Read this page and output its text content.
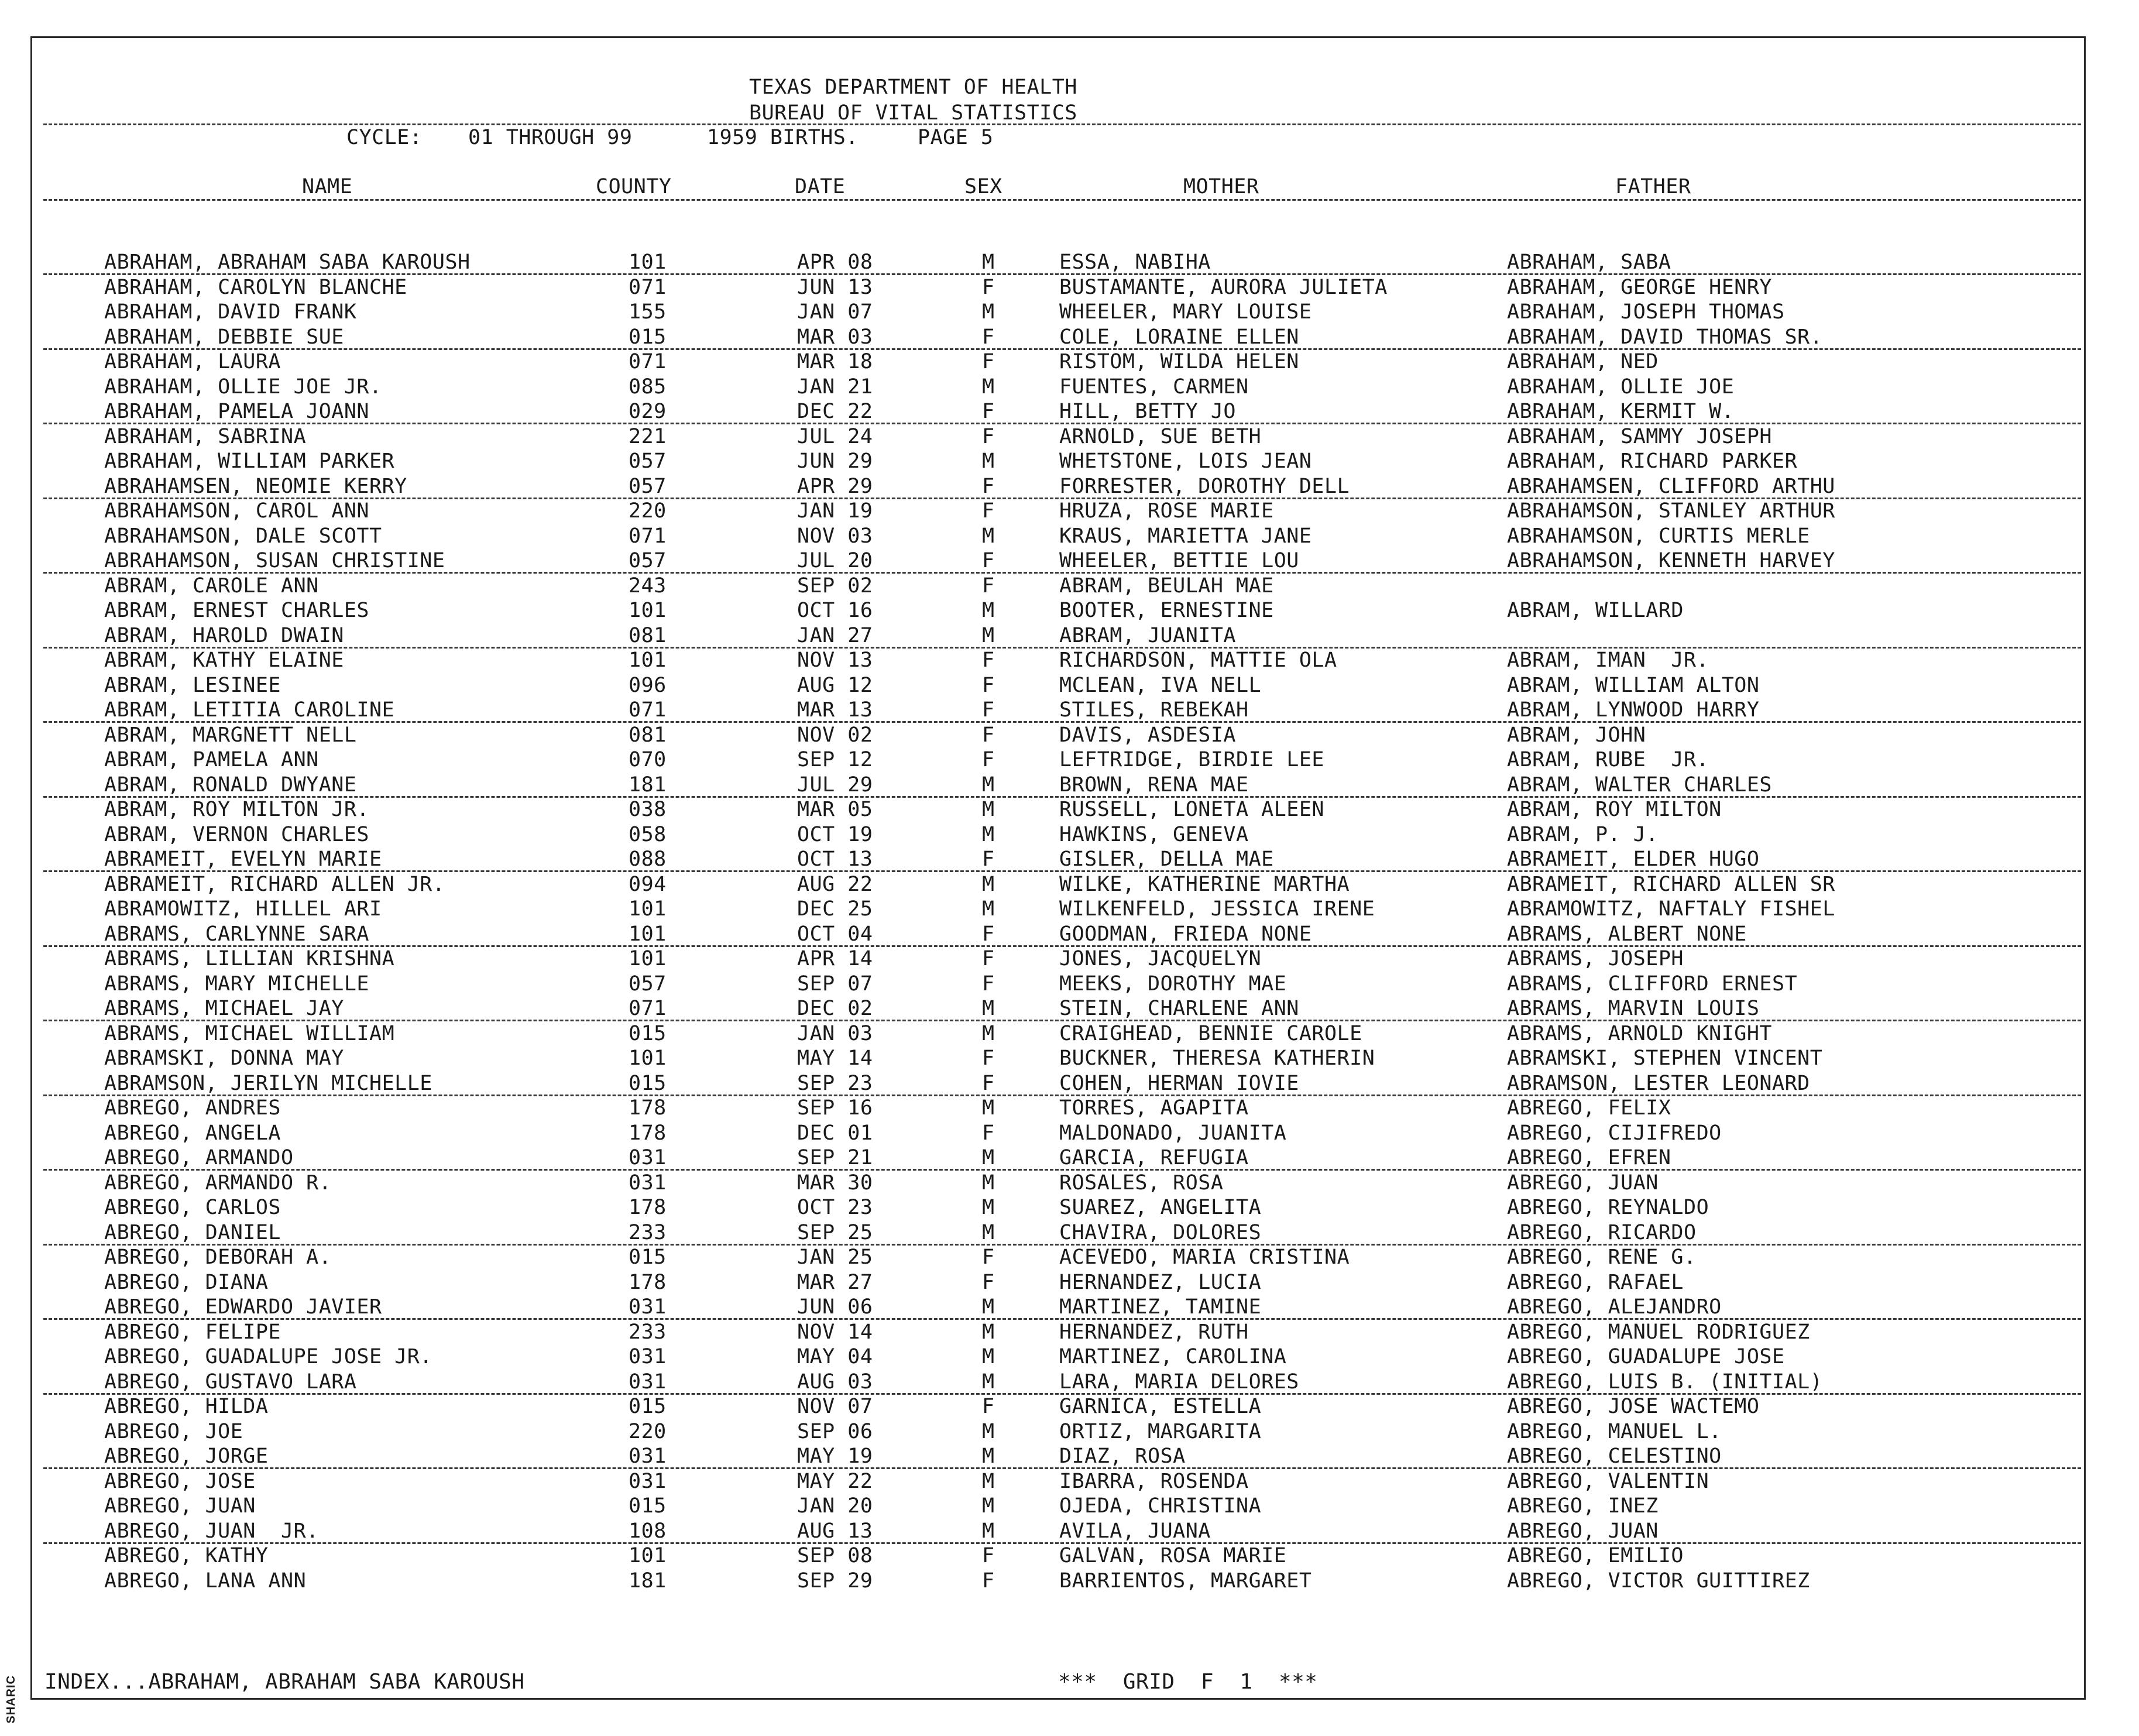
SHARIC
TEXAS DEPARTMENT OF HEALTH
BUREAU OF VITAL STATISTICS
CYCLE: 01 THROUGH 99	1959 BIRTHS.	PAGE 5
NAME	COUNTY	DATE	SEX	MOTHER	FATHER
ABRAHAM, ABRAHAM SABA KAROUSH	101	APR 08	M	ESSA, NABIHA	ABRAHAM, SABA
ABRAHAM, CAROLYN BLANCHE	071	JUN 13	F	BUSTAMANTE, AURORA JULIETA	ABRAHAM, GEORGE HENRY
ABRAHAM, DAVID FRANK	155	JAN 07	M	WHEELER, MARY LOUISE	ABRAHAM, JOSEPH THOMAS
ABRAHAM, DEBBIE SUE	015	MAR 03	F	COLE, LORAINE ELLEN	ABRAHAM, DAVID THOMAS SR.
ABRAHAM, LAURA	071	MAR 18	F	RISTOM, WILDA HELEN	ABRAHAM, NED
ABRAHAM, OLLIE JOE JR.	085	JAN 21	M	FUENTES, CARMEN	ABRAHAM, OLLIE JOE
ABRAHAM, PAMELA JOANN	029	DEC 22	F	HILL, BETTY JO	ABRAHAM, KERMIT W.
ABRAHAM, SABRINA	221	JUL 24	F	ARNOLD, SUE BETH	ABRAHAM, SAMMY JOSEPH
ABRAHAM, WILLIAM PARKER	057	JUN 29	M	WHETSTONE, LOIS JEAN	ABRAHAM, RICHARD PARKER
ABRAHAMSEN, NEOMIE KERRY	057	APR 29	F	FORRESTER, DOROTHY DELL	ABRAHAMSEN, CLIFFORD ARTHU
ABRAHAMSON, CAROL ANN	220	JAN 19	F	HRUZA, ROSE MARIE	ABRAHAMSON, STANLEY ARTHUR
ABRAHAMSON, DALE SCOTT	071	NOV 03	M	KRAUS, MARIETTA JANE	ABRAHAMSON, CURTIS MERLE
ABRAHAMSON, SUSAN CHRISTINE	057	JUL 20	F	WHEELER, BETTIE LOU	ABRAHAMSON, KENNETH HARVEY
ABRAM, CAROLE ANN	243	SEP 02	F	ABRAM, BEULAH MAE
ABRAM, ERNEST CHARLES	101	OCT 16	M	BOOTER, ERNESTINE	ABRAM, WILLARD
ABRAM, HAROLD DWAIN	081	JAN 27	M	ABRAM, JUANITA
ABRAM, KATHY ELAINE	101	NOV 13	F	RICHARDSON, MATTIE OLA	ABRAM, IMAN  JR.
ABRAM, LESINEE	096	AUG 12	F	MCLEAN, IVA NELL	ABRAM, WILLIAM ALTON
ABRAM, LETITIA CAROLINE	071	MAR 13	F	STILES, REBEKAH	ABRAM, LYNWOOD HARRY
ABRAM, MARGNETT NELL	081	NOV 02	F	DAVIS, ASDESIA	ABRAM, JOHN
ABRAM, PAMELA ANN	070	SEP 12	F	LEFTRIDGE, BIRDIE LEE	ABRAM, RUBE  JR.
ABRAM, RONALD DWYANE	181	JUL 29	M	BROWN, RENA MAE	ABRAM, WALTER CHARLES
ABRAM, ROY MILTON JR.	038	MAR 05	M	RUSSELL, LONETA ALEEN	ABRAM, ROY MILTON
ABRAM, VERNON CHARLES	058	OCT 19	M	HAWKINS, GENEVA	ABRAM, P. J.
ABRAMEIT, EVELYN MARIE	088	OCT 13	F	GISLER, DELLA MAE	ABRAMEIT, ELDER HUGO
ABRAMEIT, RICHARD ALLEN JR.	094	AUG 22	M	WILKE, KATHERINE MARTHA	ABRAMEIT, RICHARD ALLEN SR
ABRAMOWITZ, HILLEL ARI	101	DEC 25	M	WILKENFELD, JESSICA IRENE	ABRAMOWITZ, NAFTALY FISHEL
ABRAMS, CARLYNNE SARA	101	OCT 04	F	GOODMAN, FRIEDA NONE	ABRAMS, ALBERT NONE
ABRAMS, LILLIAN KRISHNA	101	APR 14	F	JONES, JACQUELYN	ABRAMS, JOSEPH
ABRAMS, MARY MICHELLE	057	SEP 07	F	MEEKS, DOROTHY MAE	ABRAMS, CLIFFORD ERNEST
ABRAMS, MICHAEL JAY	071	DEC 02	M	STEIN, CHARLENE ANN	ABRAMS, MARVIN LOUIS
ABRAMS, MICHAEL WILLIAM	015	JAN 03	M	CRAIGHEAD, BENNIE CAROLE	ABRAMS, ARNOLD KNIGHT
ABRAMSKI, DONNA MAY	101	MAY 14	F	BUCKNER, THERESA KATHERIN	ABRAMSKI, STEPHEN VINCENT
ABRAMSON, JERILYN MICHELLE	015	SEP 23	F	COHEN, HERMAN IOVIE	ABRAMSON, LESTER LEONARD
ABREGO, ANDRES	178	SEP 16	M	TORRES, AGAPITA	ABREGO, FELIX
ABREGO, ANGELA	178	DEC 01	F	MALDONADO, JUANITA	ABREGO, CIJIFREDO
ABREGO, ARMANDO	031	SEP 21	M	GARCIA, REFUGIA	ABREGO, EFREN
ABREGO, ARMANDO R.	031	MAR 30	M	ROSALES, ROSA	ABREGO, JUAN
ABREGO, CARLOS	178	OCT 23	M	SUAREZ, ANGELITA	ABREGO, REYNALDO
ABREGO, DANIEL	233	SEP 25	M	CHAVIRA, DOLORES	ABREGO, RICARDO
ABREGO, DEBORAH A.	015	JAN 25	F	ACEVEDO, MARIA CRISTINA	ABREGO, RENE G.
ABREGO, DIANA	178	MAR 27	F	HERNANDEZ, LUCIA	ABREGO, RAFAEL
ABREGO, EDWARDO JAVIER	031	JUN 06	M	MARTINEZ, TAMINE	ABREGO, ALEJANDRO
ABREGO, FELIPE	233	NOV 14	M	HERNANDEZ, RUTH	ABREGO, MANUEL RODRIGUEZ
ABREGO, GUADALUPE JOSE JR.	031	MAY 04	M	MARTINEZ, CAROLINA	ABREGO, GUADALUPE JOSE
ABREGO, GUSTAVO LARA	031	AUG 03	M	LARA, MARIA DELORES	ABREGO, LUIS B. (INITIAL)
ABREGO, HILDA	015	NOV 07	F	GARNICA, ESTELLA	ABREGO, JOSE WACTEMO
ABREGO, JOE	220	SEP 06	M	ORTIZ, MARGARITA	ABREGO, MANUEL L.
ABREGO, JORGE	031	MAY 19	M	DIAZ, ROSA	ABREGO, CELESTINO
ABREGO, JOSE	031	MAY 22	M	IBARRA, ROSENDA	ABREGO, VALENTIN
ABREGO, JUAN	015	JAN 20	M	OJEDA, CHRISTINA	ABREGO, INEZ
ABREGO, JUAN  JR.	108	AUG 13	M	AVILA, JUANA	ABREGO, JUAN
ABREGO, KATHY	101	SEP 08	F	GALVAN, ROSA MARIE	ABREGO, EMILIO
ABREGO, LANA ANN	181	SEP 29	F	BARRIENTOS, MARGARET	ABREGO, VICTOR GUITTIREZ
INDEX...ABRAHAM, ABRAHAM SABA KAROUSH	***  GRID  F  1  ***
